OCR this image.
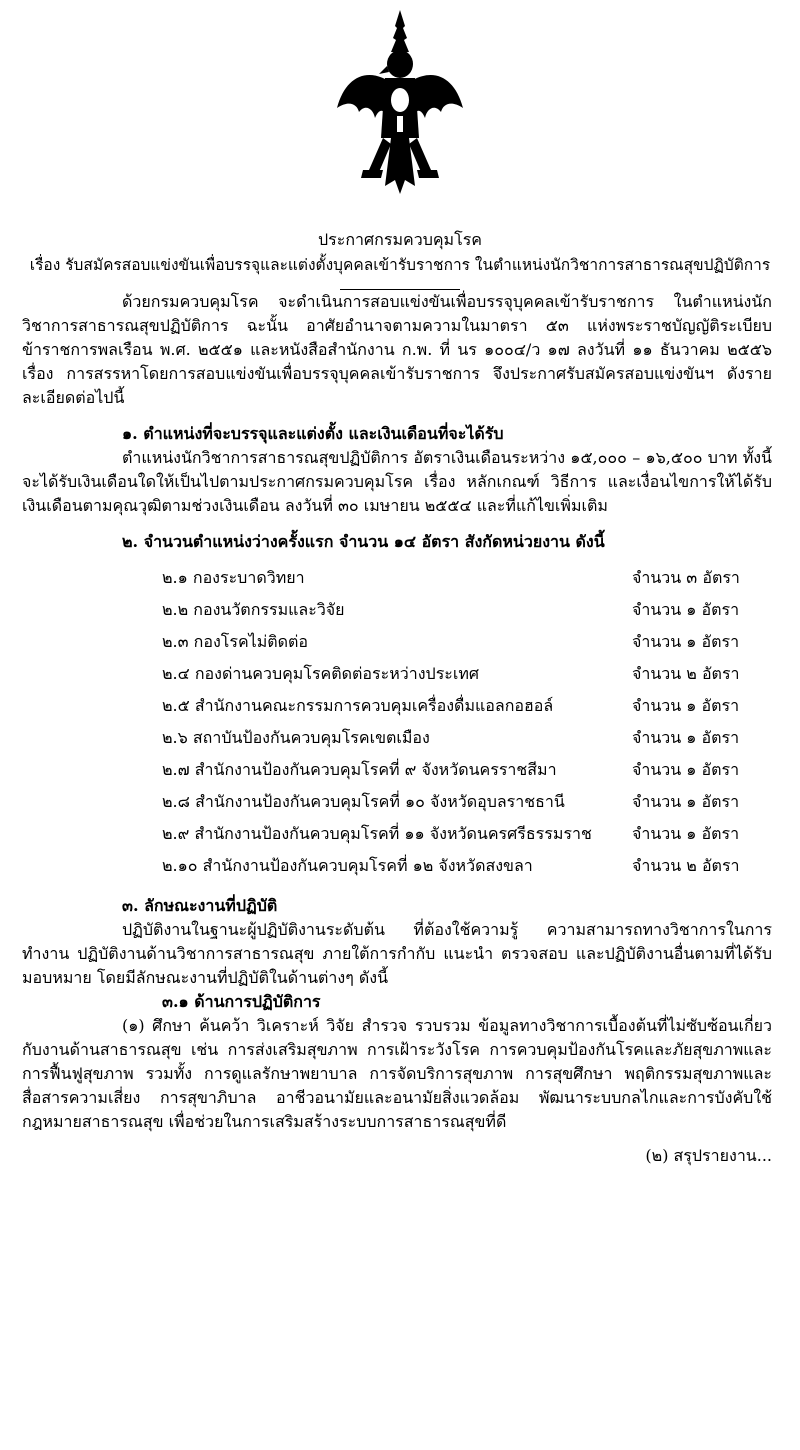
ประกาศกรมควบคุมโรค

เรื่อง รับสมัครสอบแข่งขันเพื่อบรรจุและแต่งตั้งบุคคลเข้ารับราชการ ในตำแหน่งนักวิชาการสาธารณสุขปฏิบัติการ

ด้วยกรมควบคุมโรค จะดำเนินการสอบแข่งขันเพื่อบรรจุบุคคลเข้ารับราชการ ในตำแหน่งนักวิชาการสาธารณสุขปฏิบัติการ ฉะนั้น อาศัยอำนาจตามความในมาตรา ๕๓ แห่งพระราชบัญญัติระเบียบข้าราชการพลเรือน พ.ศ. ๒๕๕๑ และหนังสือสำนักงาน ก.พ. ที่ นร ๑๐๐๔/ว ๑๗ ลงวันที่ ๑๑ ธันวาคม ๒๕๕๖ เรื่อง การสรรหาโดยการสอบแข่งขันเพื่อบรรจุบุคคลเข้ารับราชการ จึงประกาศรับสมัครสอบแข่งขันฯ ดังรายละเอียดต่อไปนี้

๑. ตำแหน่งที่จะบรรจุและแต่งตั้ง และเงินเดือนที่จะได้รับ

ตำแหน่งนักวิชาการสาธารณสุขปฏิบัติการ อัตราเงินเดือนระหว่าง ๑๕,๐๐๐ – ๑๖,๕๐๐ บาท ทั้งนี้ จะได้รับเงินเดือนใดให้เป็นไปตามประกาศกรมควบคุมโรค เรื่อง หลักเกณฑ์ วิธีการ และเงื่อนไขการให้ได้รับเงินเดือนตามคุณวุฒิตามช่วงเงินเดือน ลงวันที่ ๓๐ เมษายน ๒๕๕๔ และที่แก้ไขเพิ่มเติม

๒. จำนวนตำแหน่งว่างครั้งแรก จำนวน ๑๔ อัตรา สังกัดหน่วยงาน ดังนี้

๒.๑ กองระบาดวิทยา	จำนวน ๓ อัตรา
๒.๒ กองนวัตกรรมและวิจัย	จำนวน ๑ อัตรา
๒.๓ กองโรคไม่ติดต่อ	จำนวน ๑ อัตรา
๒.๔ กองด่านควบคุมโรคติดต่อระหว่างประเทศ	จำนวน ๒ อัตรา
๒.๕ สำนักงานคณะกรรมการควบคุมเครื่องดื่มแอลกอฮอล์	จำนวน ๑ อัตรา
๒.๖ สถาบันป้องกันควบคุมโรคเขตเมือง	จำนวน ๑ อัตรา
๒.๗ สำนักงานป้องกันควบคุมโรคที่ ๙ จังหวัดนครราชสีมา	จำนวน ๑ อัตรา
๒.๘ สำนักงานป้องกันควบคุมโรคที่ ๑๐ จังหวัดอุบลราชธานี	จำนวน ๑ อัตรา
๒.๙ สำนักงานป้องกันควบคุมโรคที่ ๑๑ จังหวัดนครศรีธรรมราช	จำนวน ๑ อัตรา
๒.๑๐ สำนักงานป้องกันควบคุมโรคที่ ๑๒ จังหวัดสงขลา	จำนวน ๒ อัตรา

๓. ลักษณะงานที่ปฏิบัติ

ปฏิบัติงานในฐานะผู้ปฏิบัติงานระดับต้น ที่ต้องใช้ความรู้ ความสามารถทางวิชาการในการทำงาน ปฏิบัติงานด้านวิชาการสาธารณสุข ภายใต้การกำกับ แนะนำ ตรวจสอบ และปฏิบัติงานอื่นตามที่ได้รับมอบหมาย โดยมีลักษณะงานที่ปฏิบัติในด้านต่างๆ ดังนี้

๓.๑ ด้านการปฏิบัติการ

(๑) ศึกษา ค้นคว้า วิเคราะห์ วิจัย สำรวจ รวบรวม ข้อมูลทางวิชาการเบื้องต้นที่ไม่ซับซ้อนเกี่ยวกับงานด้านสาธารณสุข เช่น การส่งเสริมสุขภาพ การเฝ้าระวังโรค การควบคุมป้องกันโรคและภัยสุขภาพและการฟื้นฟูสุขภาพ รวมทั้ง การดูแลรักษาพยาบาล การจัดบริการสุขภาพ การสุขศึกษา พฤติกรรมสุขภาพและสื่อสารความเสี่ยง การสุขาภิบาล อาชีวอนามัยและอนามัยสิ่งแวดล้อม พัฒนาระบบกลไกและการบังคับใช้กฎหมายสาธารณสุข เพื่อช่วยในการเสริมสร้างระบบการสาธารณสุขที่ดี

(๒) สรุปรายงาน...
